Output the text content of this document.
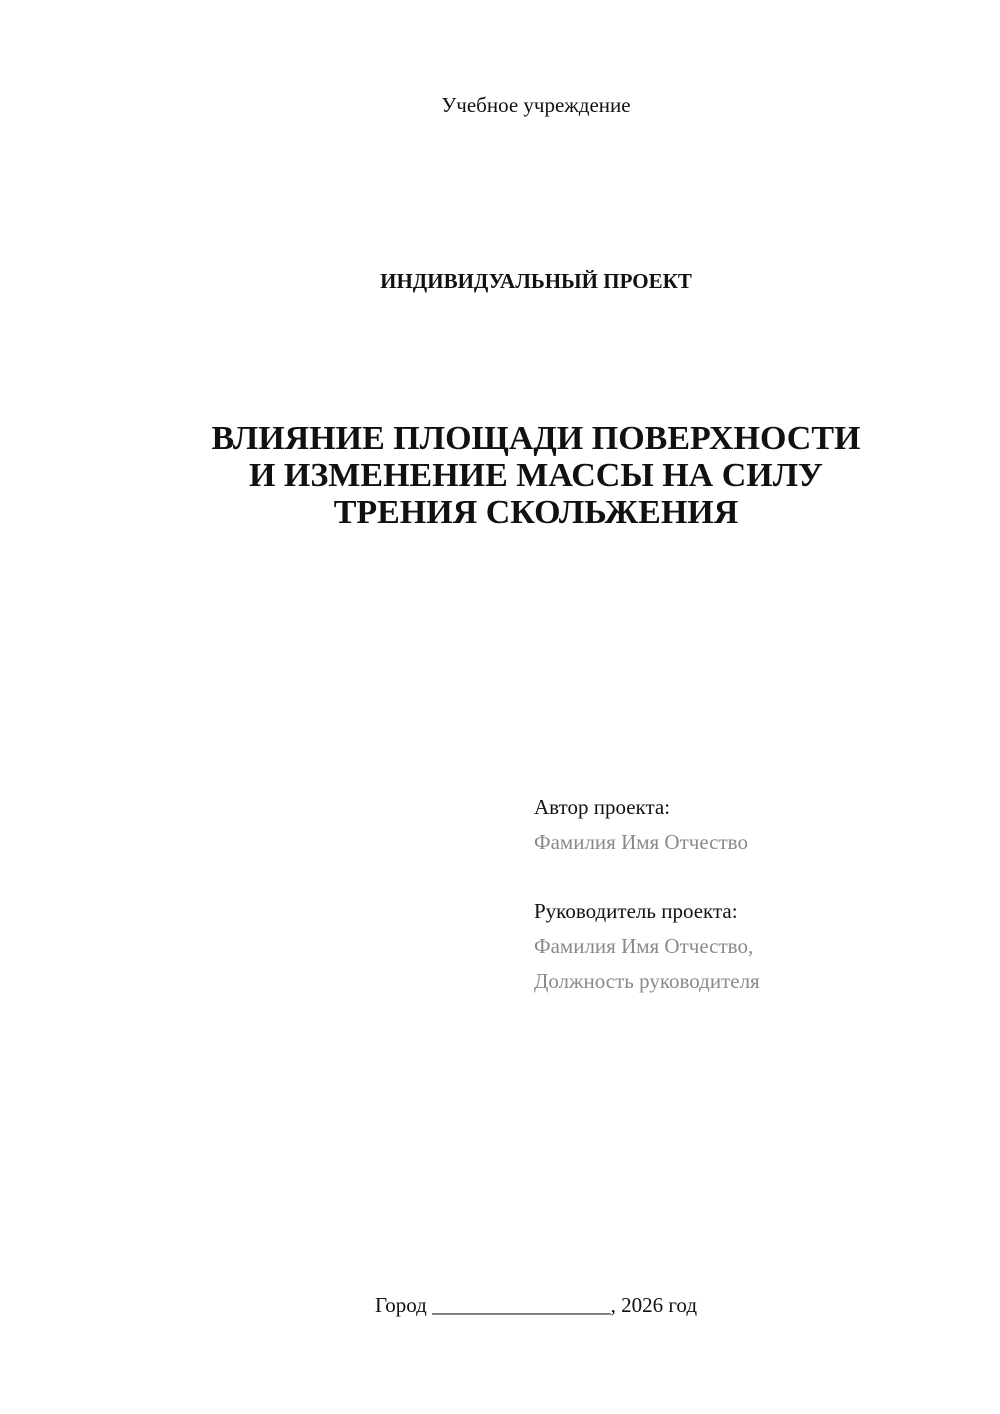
Учебное учреждение
ИНДИВИДУАЛЬНЫЙ ПРОЕКТ
ВЛИЯНИЕ ПЛОЩАДИ ПОВЕРХНОСТИ
И ИЗМЕНЕНИЕ МАССЫ НА СИЛУ
ТРЕНИЯ СКОЛЬЖЕНИЯ
Автор проекта:
Фамилия Имя Отчество
Руководитель проекта:
Фамилия Имя Отчество,
Должность руководителя
Город _________________, 2026 год
